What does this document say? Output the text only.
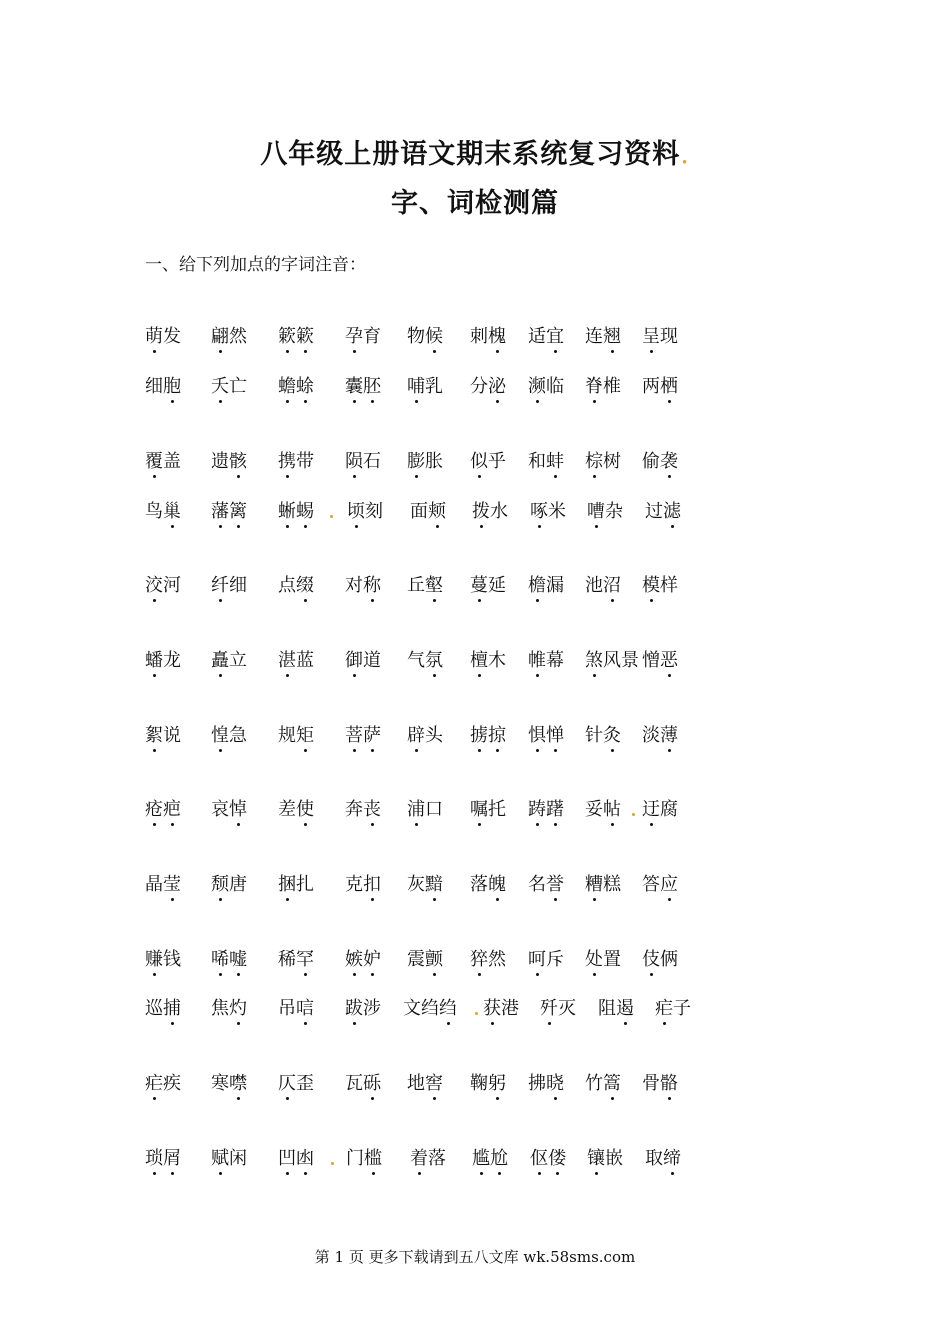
八年级上册语文期末系统复习资料.
字、词检测篇
一、给下列加点的字词注音：
萌发 翩然 簌簌 孕育 物候 刺槐 适宜 连翘 呈现
细胞 夭亡 蟾蜍 囊胚 哺乳 分泌 濒临 脊椎 两栖
覆盖 遗骸 携带 陨石 膨胀 似乎 和蚌 棕树 偷袭
鸟巢 藩篱 蜥蜴 顷刻 面颊 拨水 啄米 嘈杂 过滤
洨河 纤细 点缀 对称 丘壑 蔓延 檐漏 池沼 模样
蟠龙 矗立 湛蓝 御道 气氛 檀木 帷幕 煞风景 憎恶
絮说 惶急 规矩 菩萨 辟头 掳掠 惧惮 针灸 淡薄
疮疤 哀悼 差使 奔丧 浦口 嘱托 踌躇 妥帖 迂腐
晶莹 颓唐 捆扎 克扣 灰黯 落魄 名誉 糟糕 答应
赚钱 唏嘘 稀罕 嫉妒 震颤 猝然 呵斥 处置 伎俩
巡捕 焦灼 吊唁 跋涉 文绉绉 获港 歼灭 阻遏 疟子
疟疾 寒噤 仄歪 瓦砾 地窖 鞠躬 拂晓 竹篙 骨骼
琐屑 赋闲 凹凼 门槛 着落 尴尬 伛偻 镶嵌 取缔
第 1 页 更多下载请到五八文库 wk.58sms.com
